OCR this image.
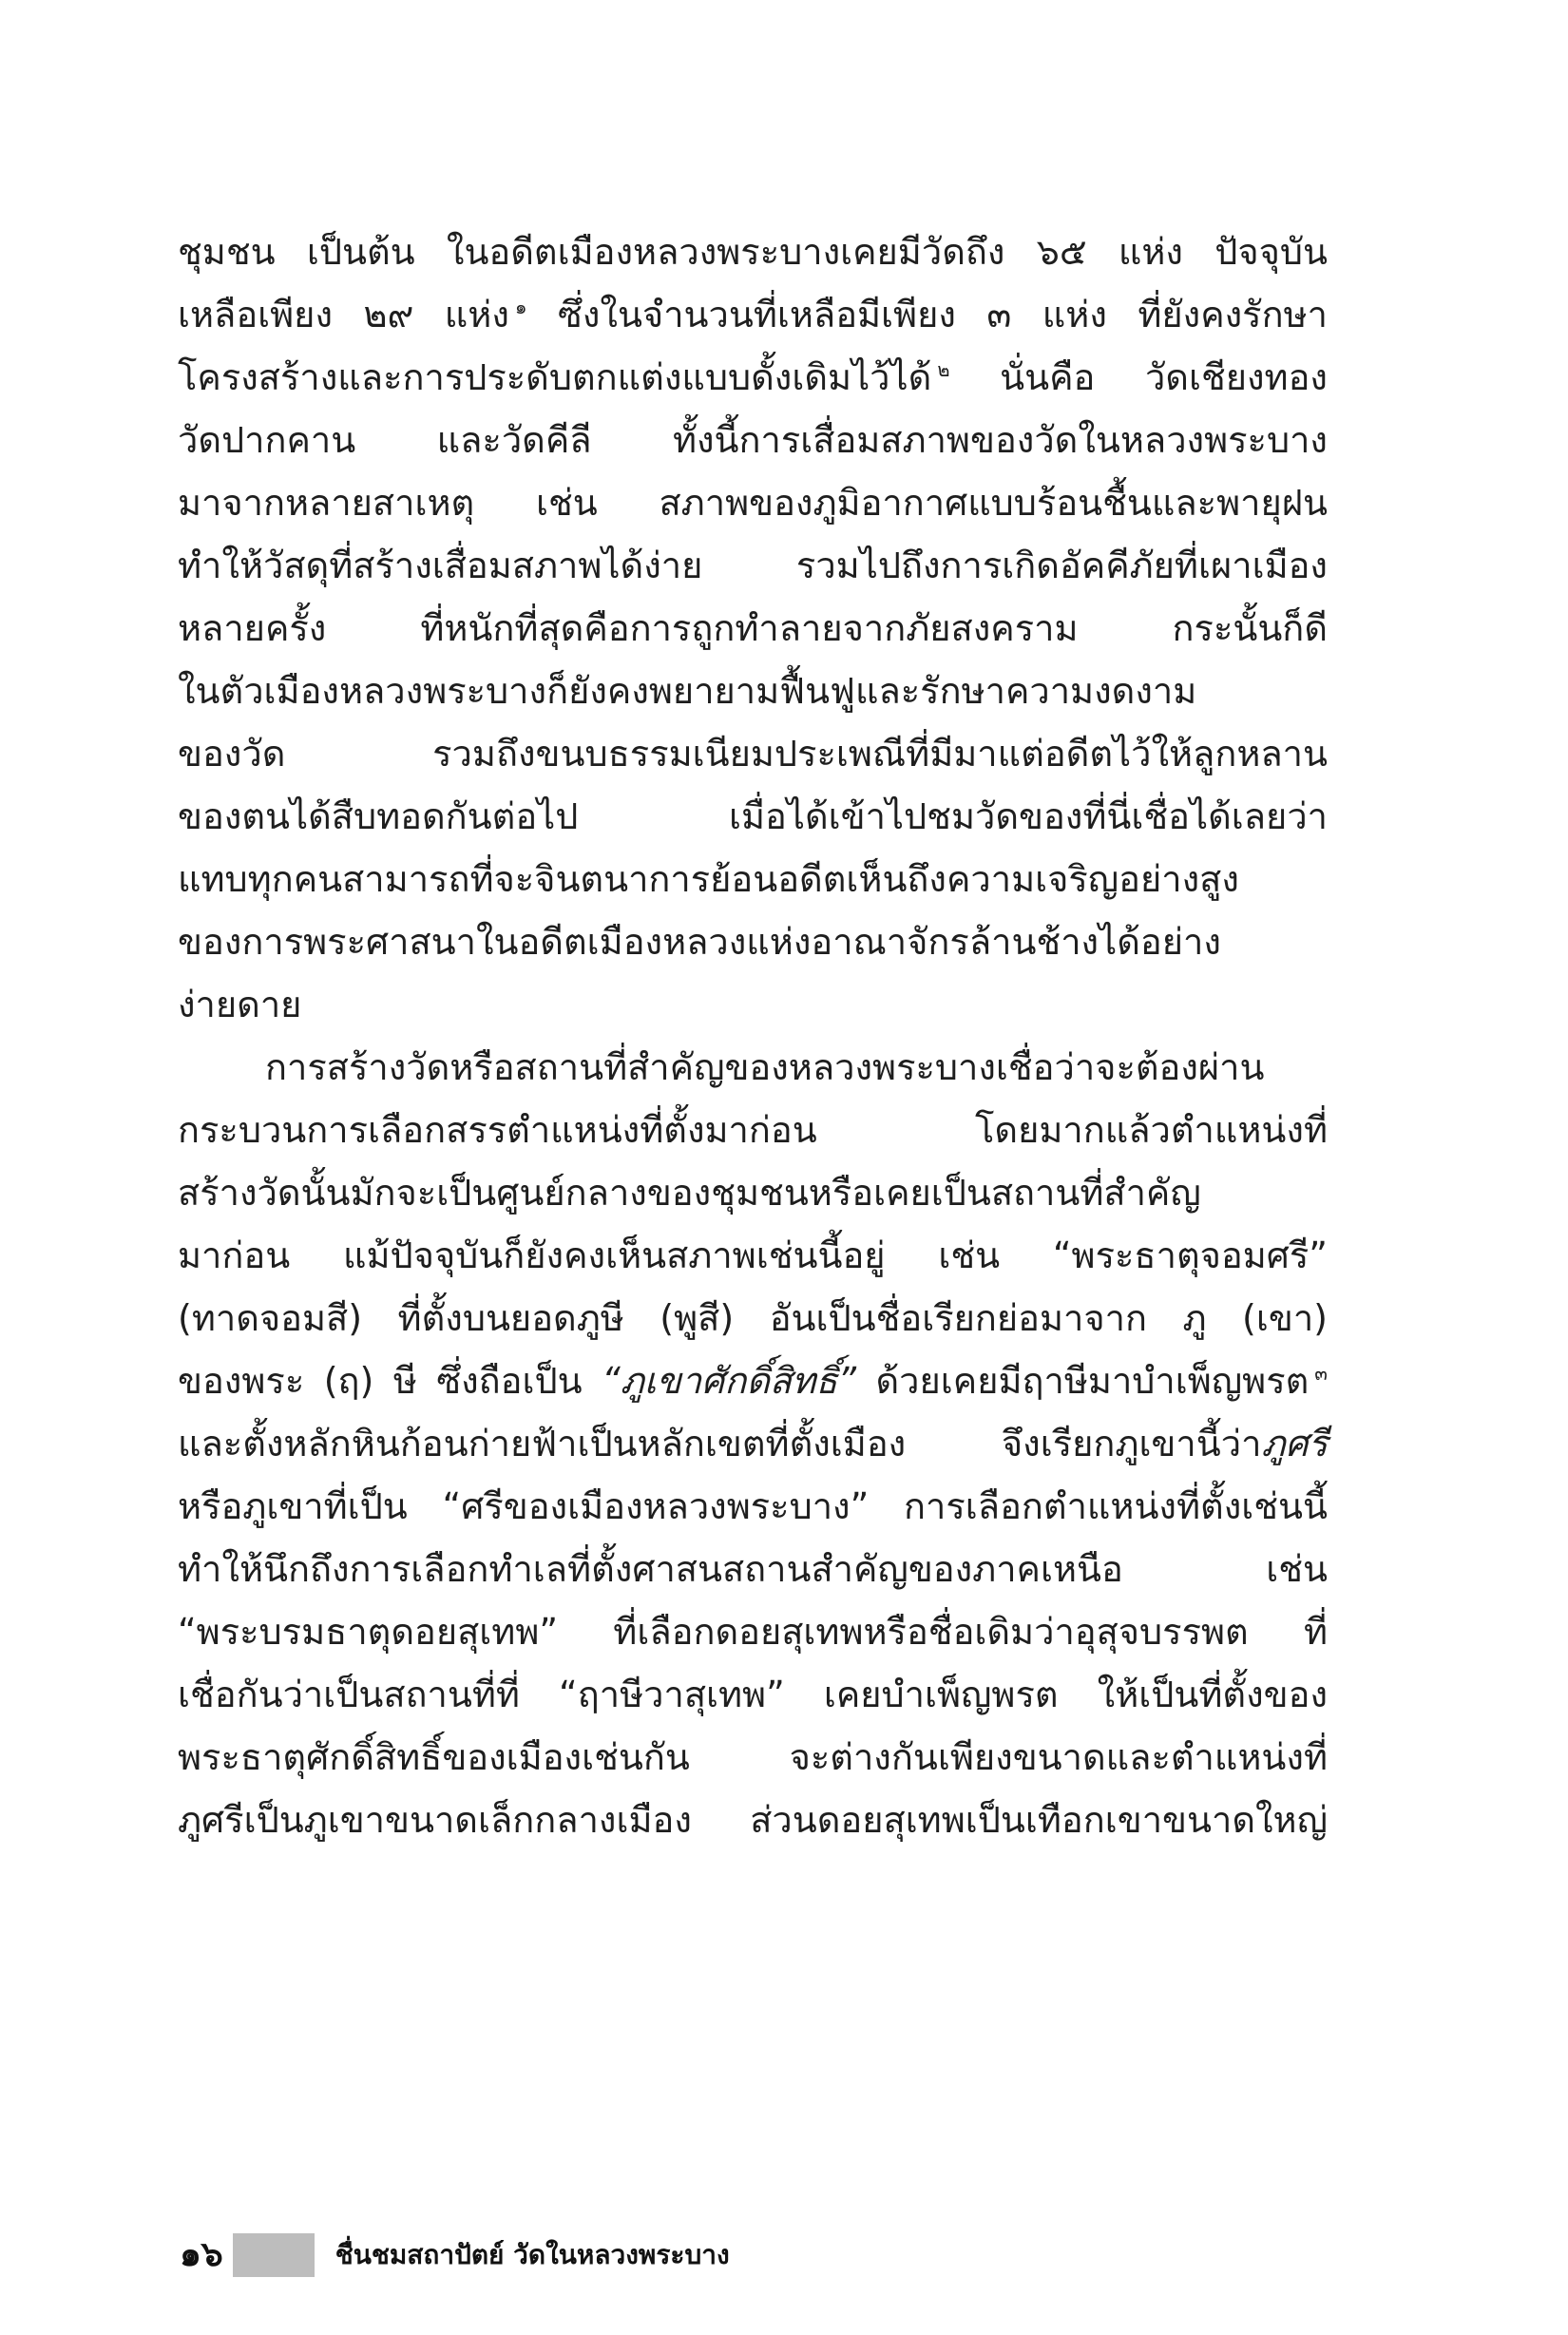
ชุมชน เป็นต้น ในอดีตเมืองหลวงพระบางเคยมีวัดถึง ๖๕ แห่ง ปัจจุบัน
เหลือเพียง ๒๙ แห่ง $^๑$ ซึ่งในจำนวนที่เหลือมีเพียง ๓ แห่ง ที่ยังคงรักษา
โครงสร้างและการประดับตกแต่งแบบดั้งเดิมไว้ได้ $^๒$ นั่นคือ วัดเชียงทอง
วัดปากคาน และวัดคีลี ทั้งนี้การเสื่อมสภาพของวัดในหลวงพระบาง
มาจากหลายสาเหตุ เช่น สภาพของภูมิอากาศแบบร้อนชื้นและพายุฝน
ทำให้วัสดุที่สร้างเสื่อมสภาพได้ง่าย รวมไปถึงการเกิดอัคคีภัยที่เผาเมือง
หลายครั้ง ที่หนักที่สุดคือการถูกทำลายจากภัยสงคราม กระนั้นก็ดี
ในตัวเมืองหลวงพระบางก็ยังคงพยายามฟื้นฟูและรักษาความงดงาม
ของวัด รวมถึงขนบธรรมเนียมประเพณีที่มีมาแต่อดีตไว้ให้ลูกหลาน
ของตนได้สืบทอดกันต่อไป เมื่อได้เข้าไปชมวัดของที่นี่เชื่อได้เลยว่า
แทบทุกคนสามารถที่จะจินตนาการย้อนอดีตเห็นถึงความเจริญอย่างสูง
ของการพระศาสนาในอดีตเมืองหลวงแห่งอาณาจักรล้านช้างได้อย่าง
ง่ายดาย
การสร้างวัดหรือสถานที่สำคัญของหลวงพระบางเชื่อว่าจะต้องผ่าน
กระบวนการเลือกสรรตำแหน่งที่ตั้งมาก่อน โดยมากแล้วตำแหน่งที่
สร้างวัดนั้นมักจะเป็นศูนย์กลางของชุมชนหรือเคยเป็นสถานที่สำคัญ
มาก่อน แม้ปัจจุบันก็ยังคงเห็นสภาพเช่นนี้อยู่ เช่น “พระธาตุจอมศรี”
(ทาดจอมสี) ที่ตั้งบนยอดภูษี (พูสี) อันเป็นชื่อเรียกย่อมาจาก ภู (เขา)
ของพระ (ฤ) ษี ซึ่งถือเป็น “ภูเขาศักดิ์สิทธิ์” ด้วยเคยมีฤาษีมาบำเพ็ญพรต $^๓$
และตั้งหลักหินก้อนก่ายฟ้าเป็นหลักเขตที่ตั้งเมือง จึงเรียกภูเขานี้ว่าภูศรี
หรือภูเขาที่เป็น “ศรีของเมืองหลวงพระบาง” การเลือกตำแหน่งที่ตั้งเช่นนี้
ทำให้นึกถึงการเลือกทำเลที่ตั้งศาสนสถานสำคัญของภาคเหนือ เช่น
“พระบรมธาตุดอยสุเทพ” ที่เลือกดอยสุเทพหรือชื่อเดิมว่าอุสุจบรรพต ที่
เชื่อกันว่าเป็นสถานที่ที่ “ฤาษีวาสุเทพ” เคยบำเพ็ญพรต ให้เป็นที่ตั้งของ
พระธาตุศักดิ์สิทธิ์ของเมืองเช่นกัน จะต่างกันเพียงขนาดและตำแหน่งที่
ภูศรีเป็นภูเขาขนาดเล็กกลางเมือง ส่วนดอยสุเทพเป็นเทือกเขาขนาดใหญ่
๑๖	ชื่นชมสถาปัตย์ วัดในหลวงพระบาง
